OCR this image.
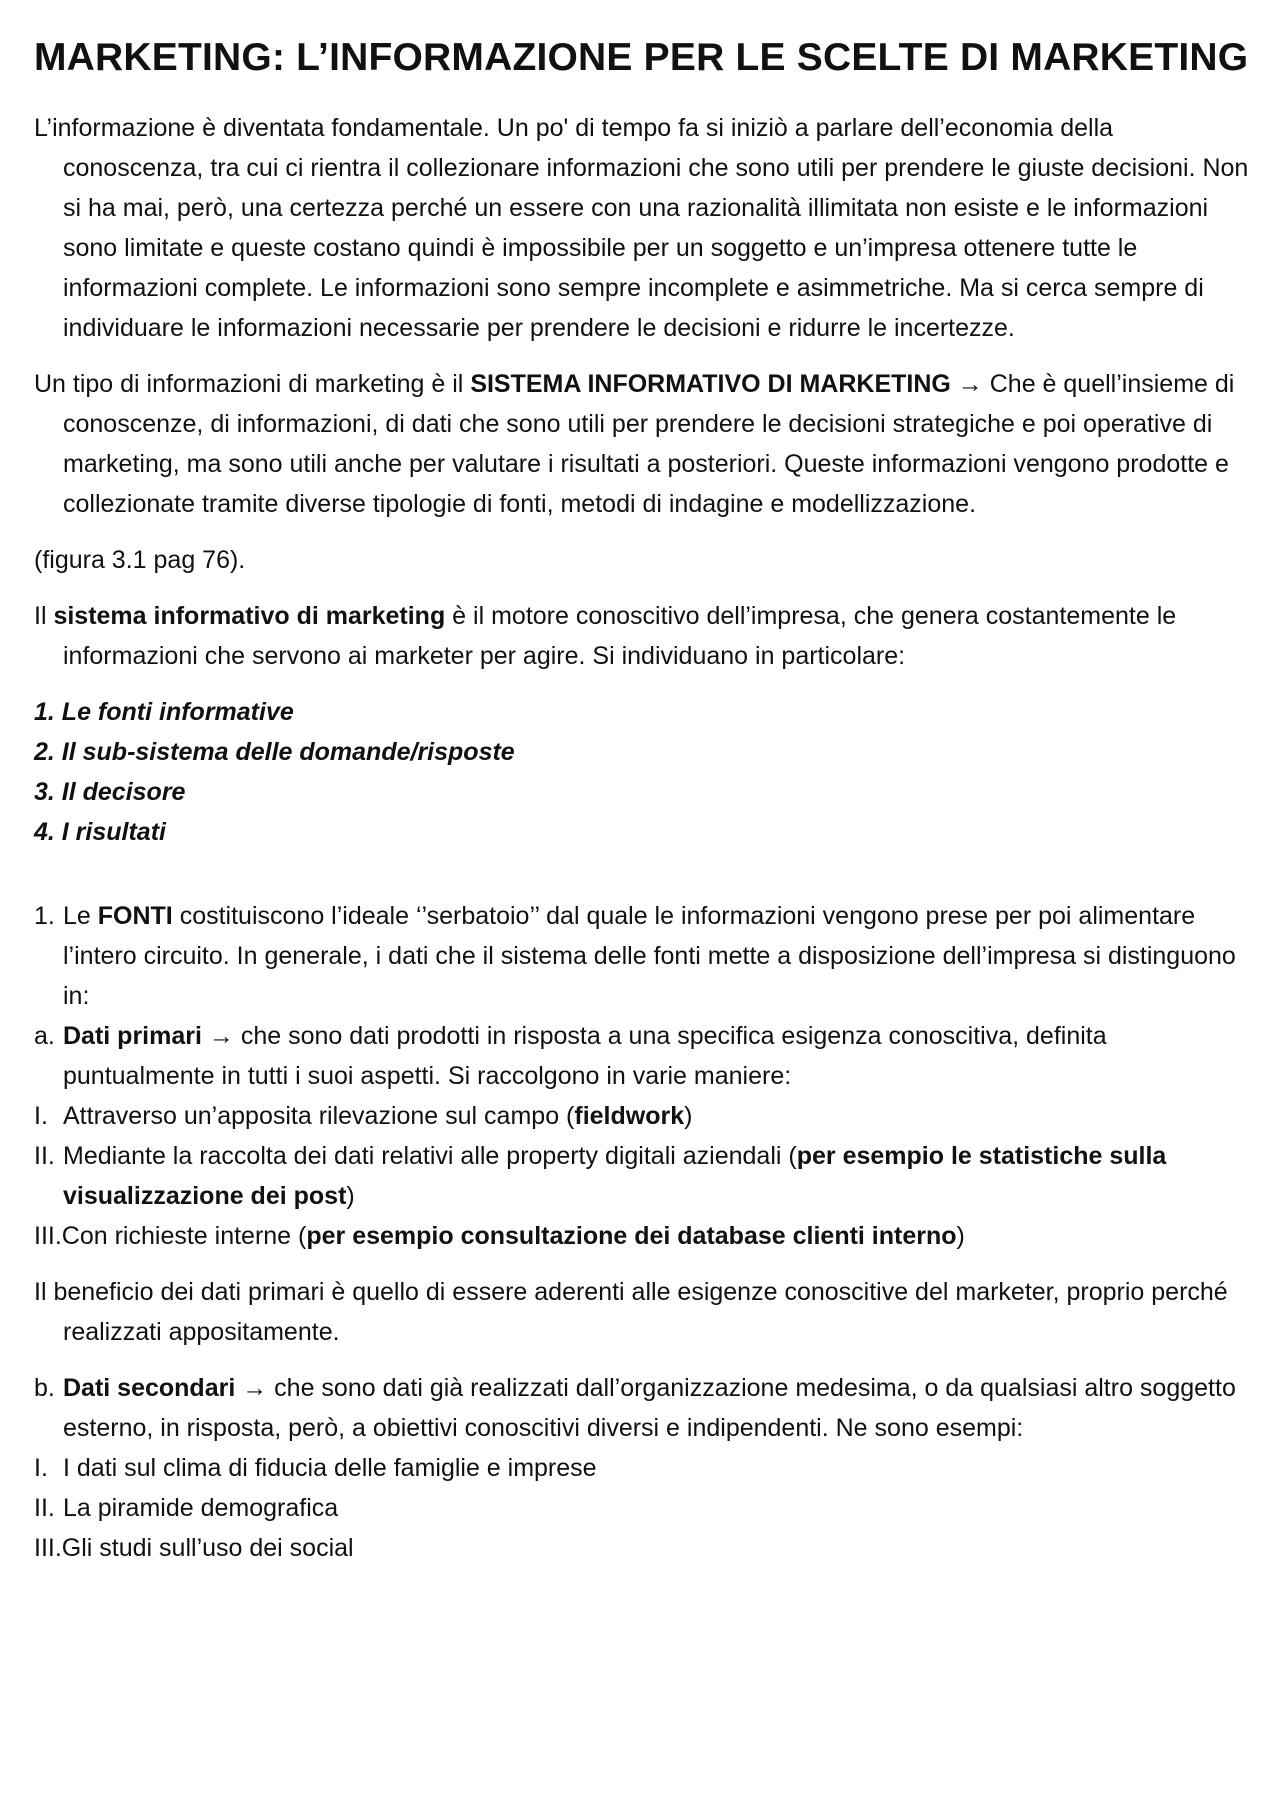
MARKETING: L’INFORMAZIONE PER LE SCELTE DI MARKETING

L’informazione è diventata fondamentale. Un po' di tempo fa si iniziò a parlare dell’economia della conoscenza, tra cui ci rientra il collezionare informazioni che sono utili per prendere le giuste decisioni. Non si ha mai, però, una certezza perché un essere con una razionalità illimitata non esiste e le informazioni sono limitate e queste costano quindi è impossibile per un soggetto e un’impresa ottenere tutte le informazioni complete. Le informazioni sono sempre incomplete e asimmetriche. Ma si cerca sempre di individuare le informazioni necessarie per prendere le decisioni e ridurre le incertezze.

Un tipo di informazioni di marketing è il SISTEMA INFORMATIVO DI MARKETING → Che è quell’insieme di conoscenze, di informazioni, di dati che sono utili per prendere le decisioni strategiche e poi operative di marketing, ma sono utili anche per valutare i risultati a posteriori. Queste informazioni vengono prodotte e collezionate tramite diverse tipologie di fonti, metodi di indagine e modellizzazione.

(figura 3.1 pag 76).

Il sistema informativo di marketing è il motore conoscitivo dell’impresa, che genera costantemente le informazioni che servono ai marketer per agire. Si individuano in particolare:

1. Le fonti informative
2. Il sub-sistema delle domande/risposte
3. Il decisore
4. I risultati
1. Le FONTI costituiscono l’ideale ‘’serbatoio’’ dal quale le informazioni vengono prese per poi alimentare l’intero circuito. In generale, i dati che il sistema delle fonti mette a disposizione dell’impresa si distinguono in:
a. Dati primari → che sono dati prodotti in risposta a una specifica esigenza conoscitiva, definita puntualmente in tutti i suoi aspetti. Si raccolgono in varie maniere:
I. Attraverso un’apposita rilevazione sul campo (fieldwork)
II. Mediante la raccolta dei dati relativi alle property digitali aziendali (per esempio le statistiche sulla visualizzazione dei post)
III. Con richieste interne (per esempio consultazione dei database clienti interno)

Il beneficio dei dati primari è quello di essere aderenti alle esigenze conoscitive del marketer, proprio perché realizzati appositamente.

b. Dati secondari → che sono dati già realizzati dall’organizzazione medesima, o da qualsiasi altro soggetto esterno, in risposta, però, a obiettivi conoscitivi diversi e indipendenti. Ne sono esempi:
I. I dati sul clima di fiducia delle famiglie e imprese
II. La piramide demografica
III. Gli studi sull’uso dei social
